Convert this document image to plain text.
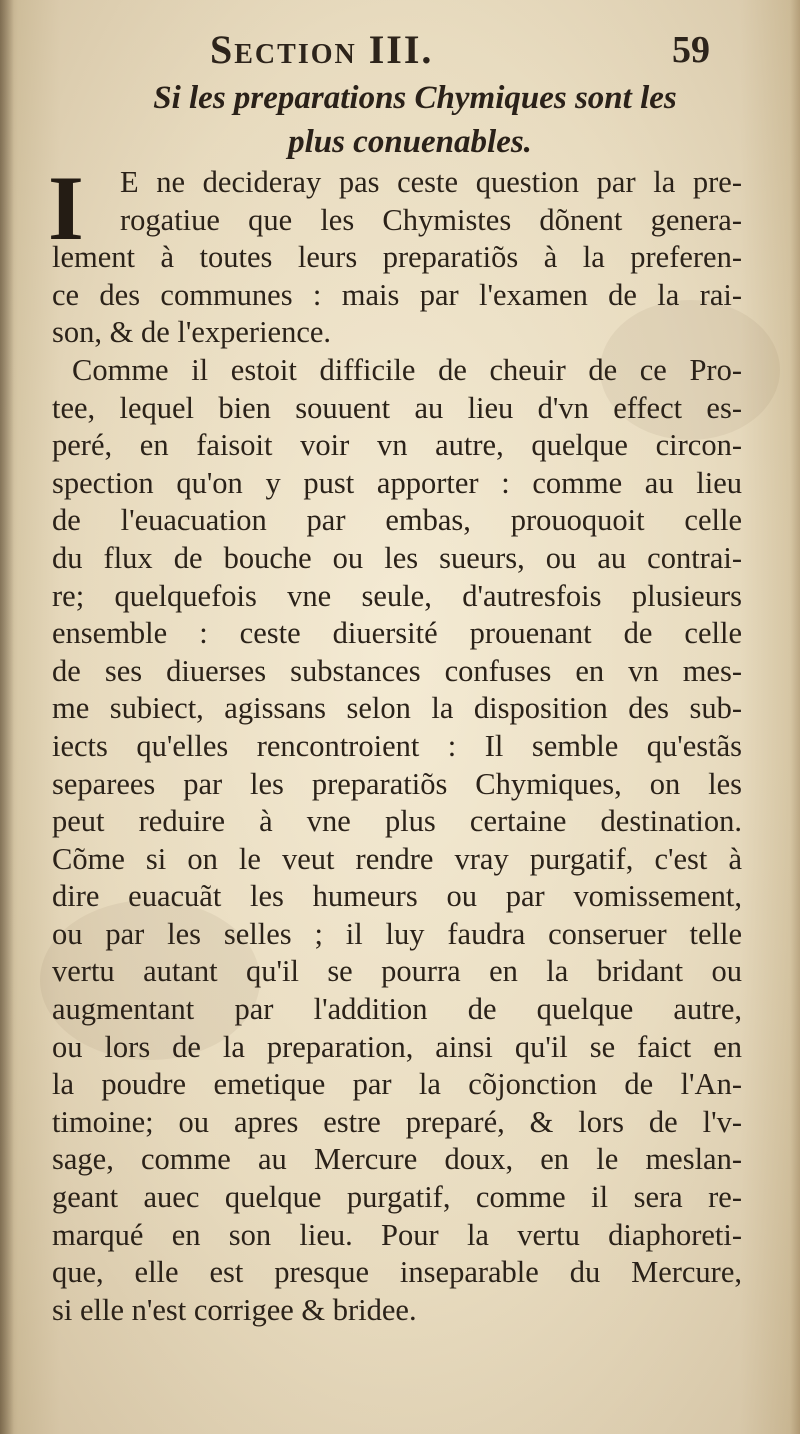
Section III.	59
Si les preparations Chymiques sont les
plus conuenables.
I	E ne decideray pas ceste question par la pre-
rogatiue que les Chymistes dõnent genera-
lement à toutes leurs preparatiõs à la preferen-
ce des communes : mais par l'examen de la rai-
son, & de l'experience.
Comme il estoit difficile de cheuir de ce Pro-
tee, lequel bien souuent au lieu d'vn effect es-
peré, en faisoit voir vn autre, quelque circon-
spection qu'on y pust apporter : comme au lieu
de l'euacuation par embas, prouoquoit celle
du flux de bouche ou les sueurs, ou au contrai-
re; quelquefois vne seule, d'autresfois plusieurs
ensemble : ceste diuersité prouenant de celle
de ses diuerses substances confuses en vn mes-
me subiect, agissans selon la disposition des sub-
iects qu'elles rencontroient : Il semble qu'estãs
separees par les preparatiõs Chymiques, on les
peut reduire à vne plus certaine destination.
Cõme si on le veut rendre vray purgatif, c'est à
dire euacuãt les humeurs ou par vomissement,
ou par les selles ; il luy faudra conseruer telle
vertu autant qu'il se pourra en la bridant ou
augmentant par l'addition de quelque autre,
ou lors de la preparation, ainsi qu'il se faict en
la poudre emetique par la cõjonction de l'An-
timoine; ou apres estre preparé, & lors de l'v-
sage, comme au Mercure doux, en le meslan-
geant auec quelque purgatif, comme il sera re-
marqué en son lieu. Pour la vertu diaphoreti-
que, elle est presque inseparable du Mercure,
si elle n'est corrigee & bridee.
